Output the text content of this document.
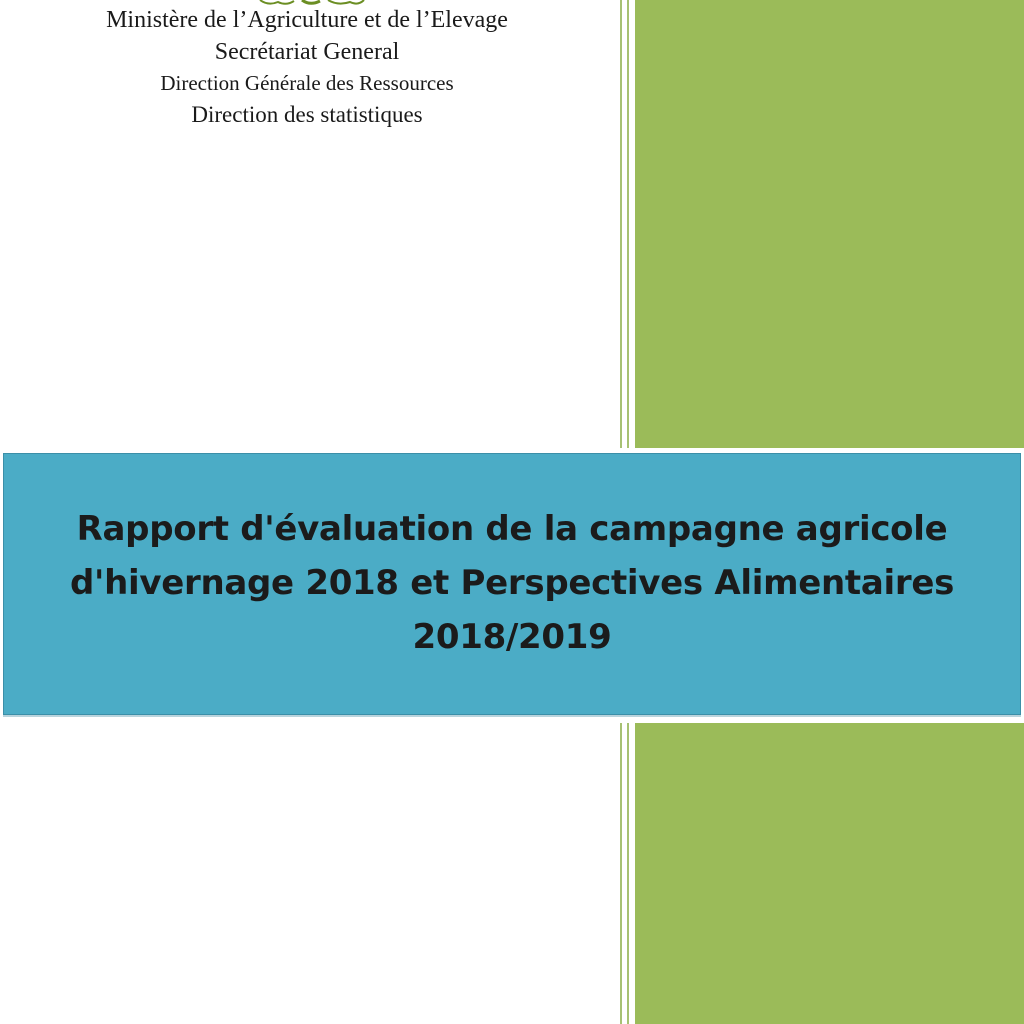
Ministère de l’Agriculture et de l’Elevage
Secrétariat General
Direction Générale des Ressources
Direction des statistiques
Rapport d'évaluation de la campagne agricole
d'hivernage 2018 et Perspectives Alimentaires
2018/2019
